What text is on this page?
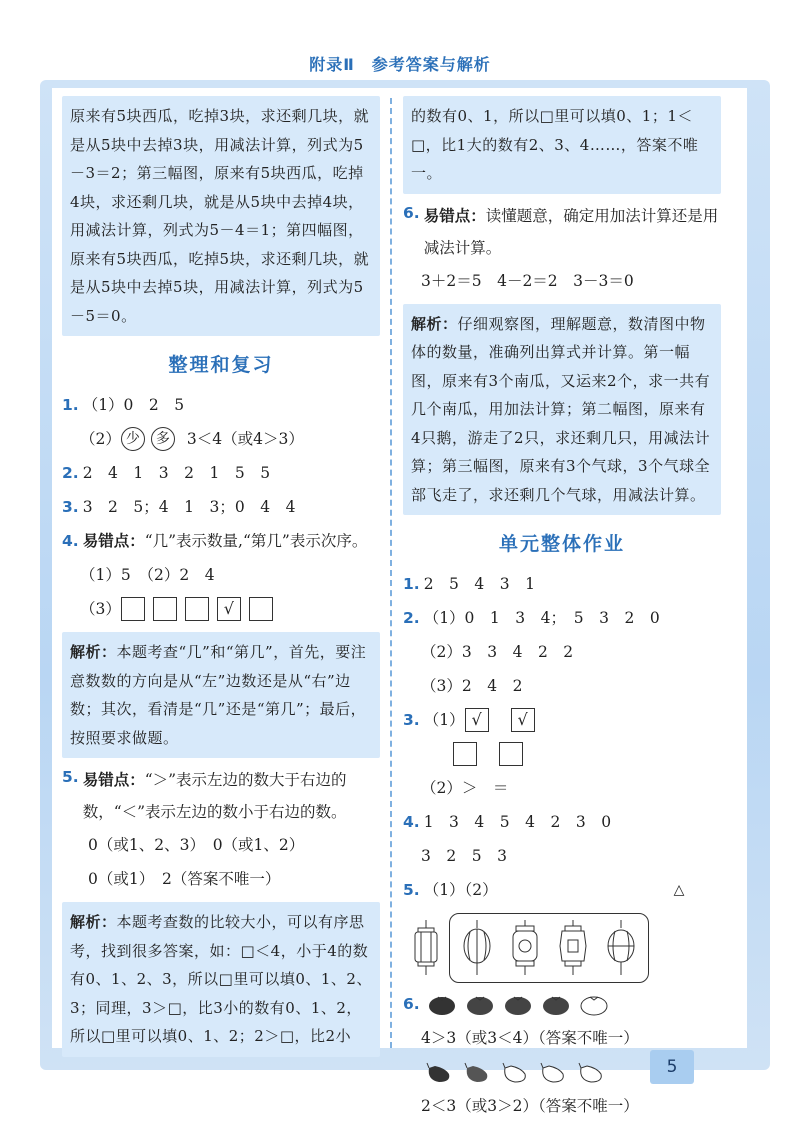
附录Ⅱ　参考答案与解析
原来有5块西瓜，吃掉3块，求还剩几块，就是从5块中去掉3块，用减法计算，列式为5－3＝2；第三幅图，原来有5块西瓜，吃掉4块，求还剩几块，就是从5块中去掉4块，用减法计算，列式为5－4＝1；第四幅图，原来有5块西瓜，吃掉5块，求还剩几块，就是从5块中去掉5块，用减法计算，列式为5－5＝0。
整理和复习
1. （1）0　2　5
（2） 少	多	3＜4（或4＞3）
2. 2　4　1　3　2　1　5　5
3. 3　2　5；4　1　3；0　4　4
4. 易错点： “几”表示数量,“第几”表示次序。
（1）5　（2）2　4
（3）	√
解析：本题考查“几”和“第几”，首先，要注意数数的方向是从“左”边数还是从“右”边数；其次，看清是“几”还是“第几”；最后，按照要求做题。
5. 易错点：“＞”表示左边的数大于右边的数，“＜”表示左边的数小于右边的数。
0（或1、2、3）　0（或1、2）
0（或1）　2（答案不唯一）
解析：本题考查数的比较大小，可以有序思考，找到很多答案，如：□＜4，小于4的数有0、1、2、3，所以□里可以填0、1、2、3；同理，3＞□，比3小的数有0、1、2，所以□里可以填0、1、2；2＞□，比2小
的数有0、1，所以□里可以填0、1；1＜□，比1大的数有2、3、4……，答案不唯一。
6. 易错点：读懂题意，确定用加法计算还是用减法计算。
3＋2＝5　4－2＝2　3－3＝0
解析：仔细观察图，理解题意，数清图中物体的数量，准确列出算式并计算。第一幅图，原来有3个南瓜，又运来2个，求一共有几个南瓜，用加法计算；第二幅图，原来有4只鹅，游走了2只，求还剩几只，用减法计算；第三幅图，原来有3个气球，3个气球全部飞走了，求还剩几个气球，用减法计算。
单元整体作业
1. 2　5　4　3　1
2. （1）0　1　3　4；　5　3　2　0
（2）3　3　4　2　2
（3）2　4　2
3. （1） √	√
（2）＞　＝
4. 1　3　4　5　4　2　3　0
3　2　5　3
5. （1）（2）	△
6.
4＞3（或3＜4）（答案不唯一）
2＜3（或3＞2）（答案不唯一）
5
